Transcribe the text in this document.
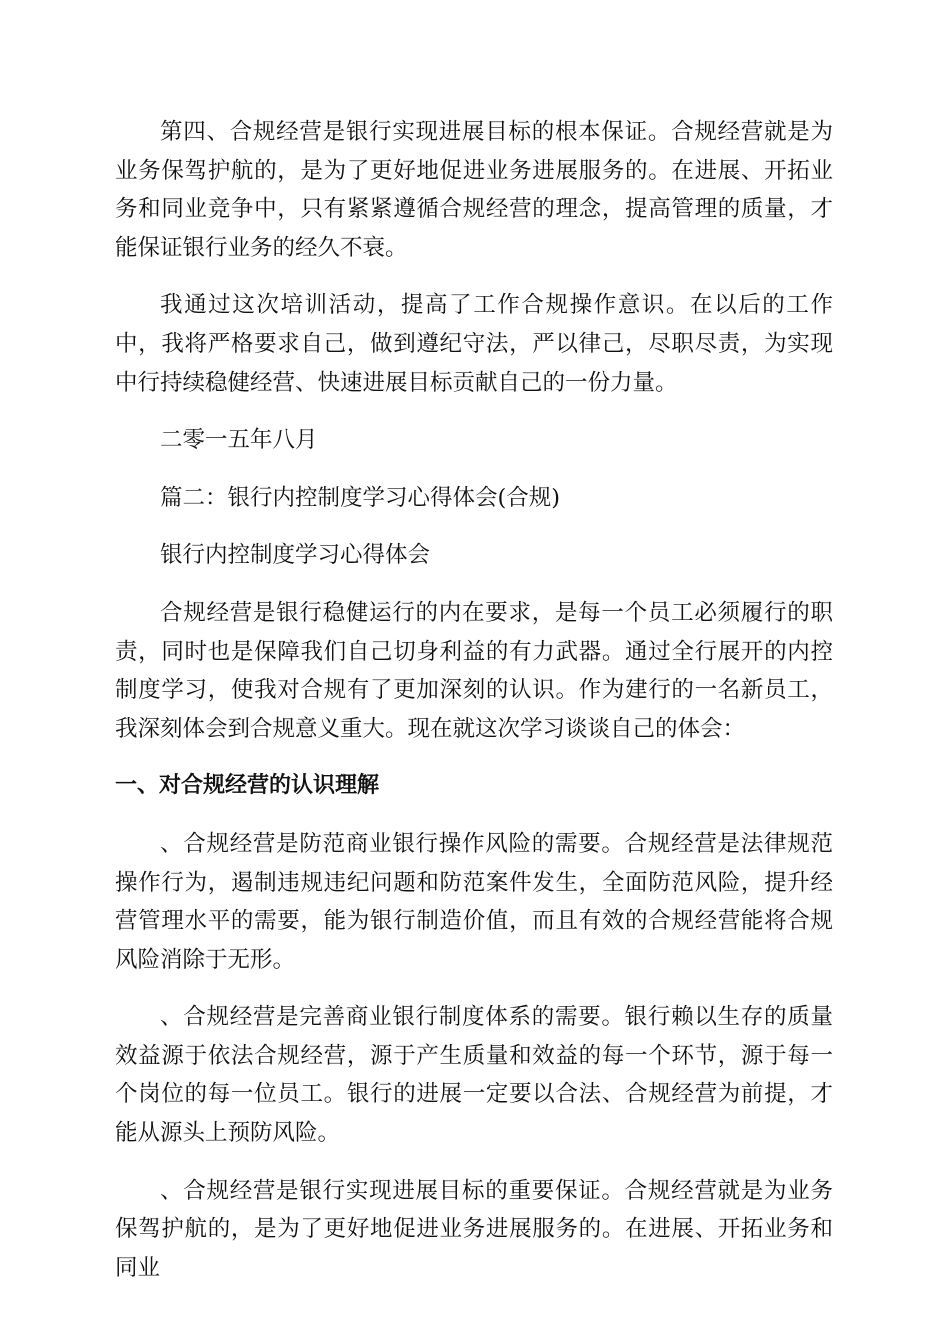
第四、合规经营是银行实现进展目标的根本保证。合规经营就是为业务保驾护航的，是为了更好地促进业务进展服务的。在进展、开拓业务和同业竞争中，只有紧紧遵循合规经营的理念，提高管理的质量，才能保证银行业务的经久不衰。

我通过这次培训活动，提高了工作合规操作意识。在以后的工作中，我将严格要求自己，做到遵纪守法，严以律己，尽职尽责，为实现中行持续稳健经营、快速进展目标贡献自己的一份力量。

二零一五年八月

篇二：银行内控制度学习心得体会(合规)

银行内控制度学习心得体会

合规经营是银行稳健运行的内在要求，是每一个员工必须履行的职责，同时也是保障我们自己切身利益的有力武器。通过全行展开的内控制度学习，使我对合规有了更加深刻的认识。作为建行的一名新员工，我深刻体会到合规意义重大。现在就这次学习谈谈自己的体会：

一、对合规经营的认识理解

、合规经营是防范商业银行操作风险的需要。合规经营是法律规范操作行为，遏制违规违纪问题和防范案件发生，全面防范风险，提升经营管理水平的需要，能为银行制造价值，而且有效的合规经营能将合规风险消除于无形。

、合规经营是完善商业银行制度体系的需要。银行赖以生存的质量效益源于依法合规经营，源于产生质量和效益的每一个环节，源于每一个岗位的每一位员工。银行的进展一定要以合法、合规经营为前提，才能从源头上预防风险。

、合规经营是银行实现进展目标的重要保证。合规经营就是为业务保驾护航的，是为了更好地促进业务进展服务的。在进展、开拓业务和同业
